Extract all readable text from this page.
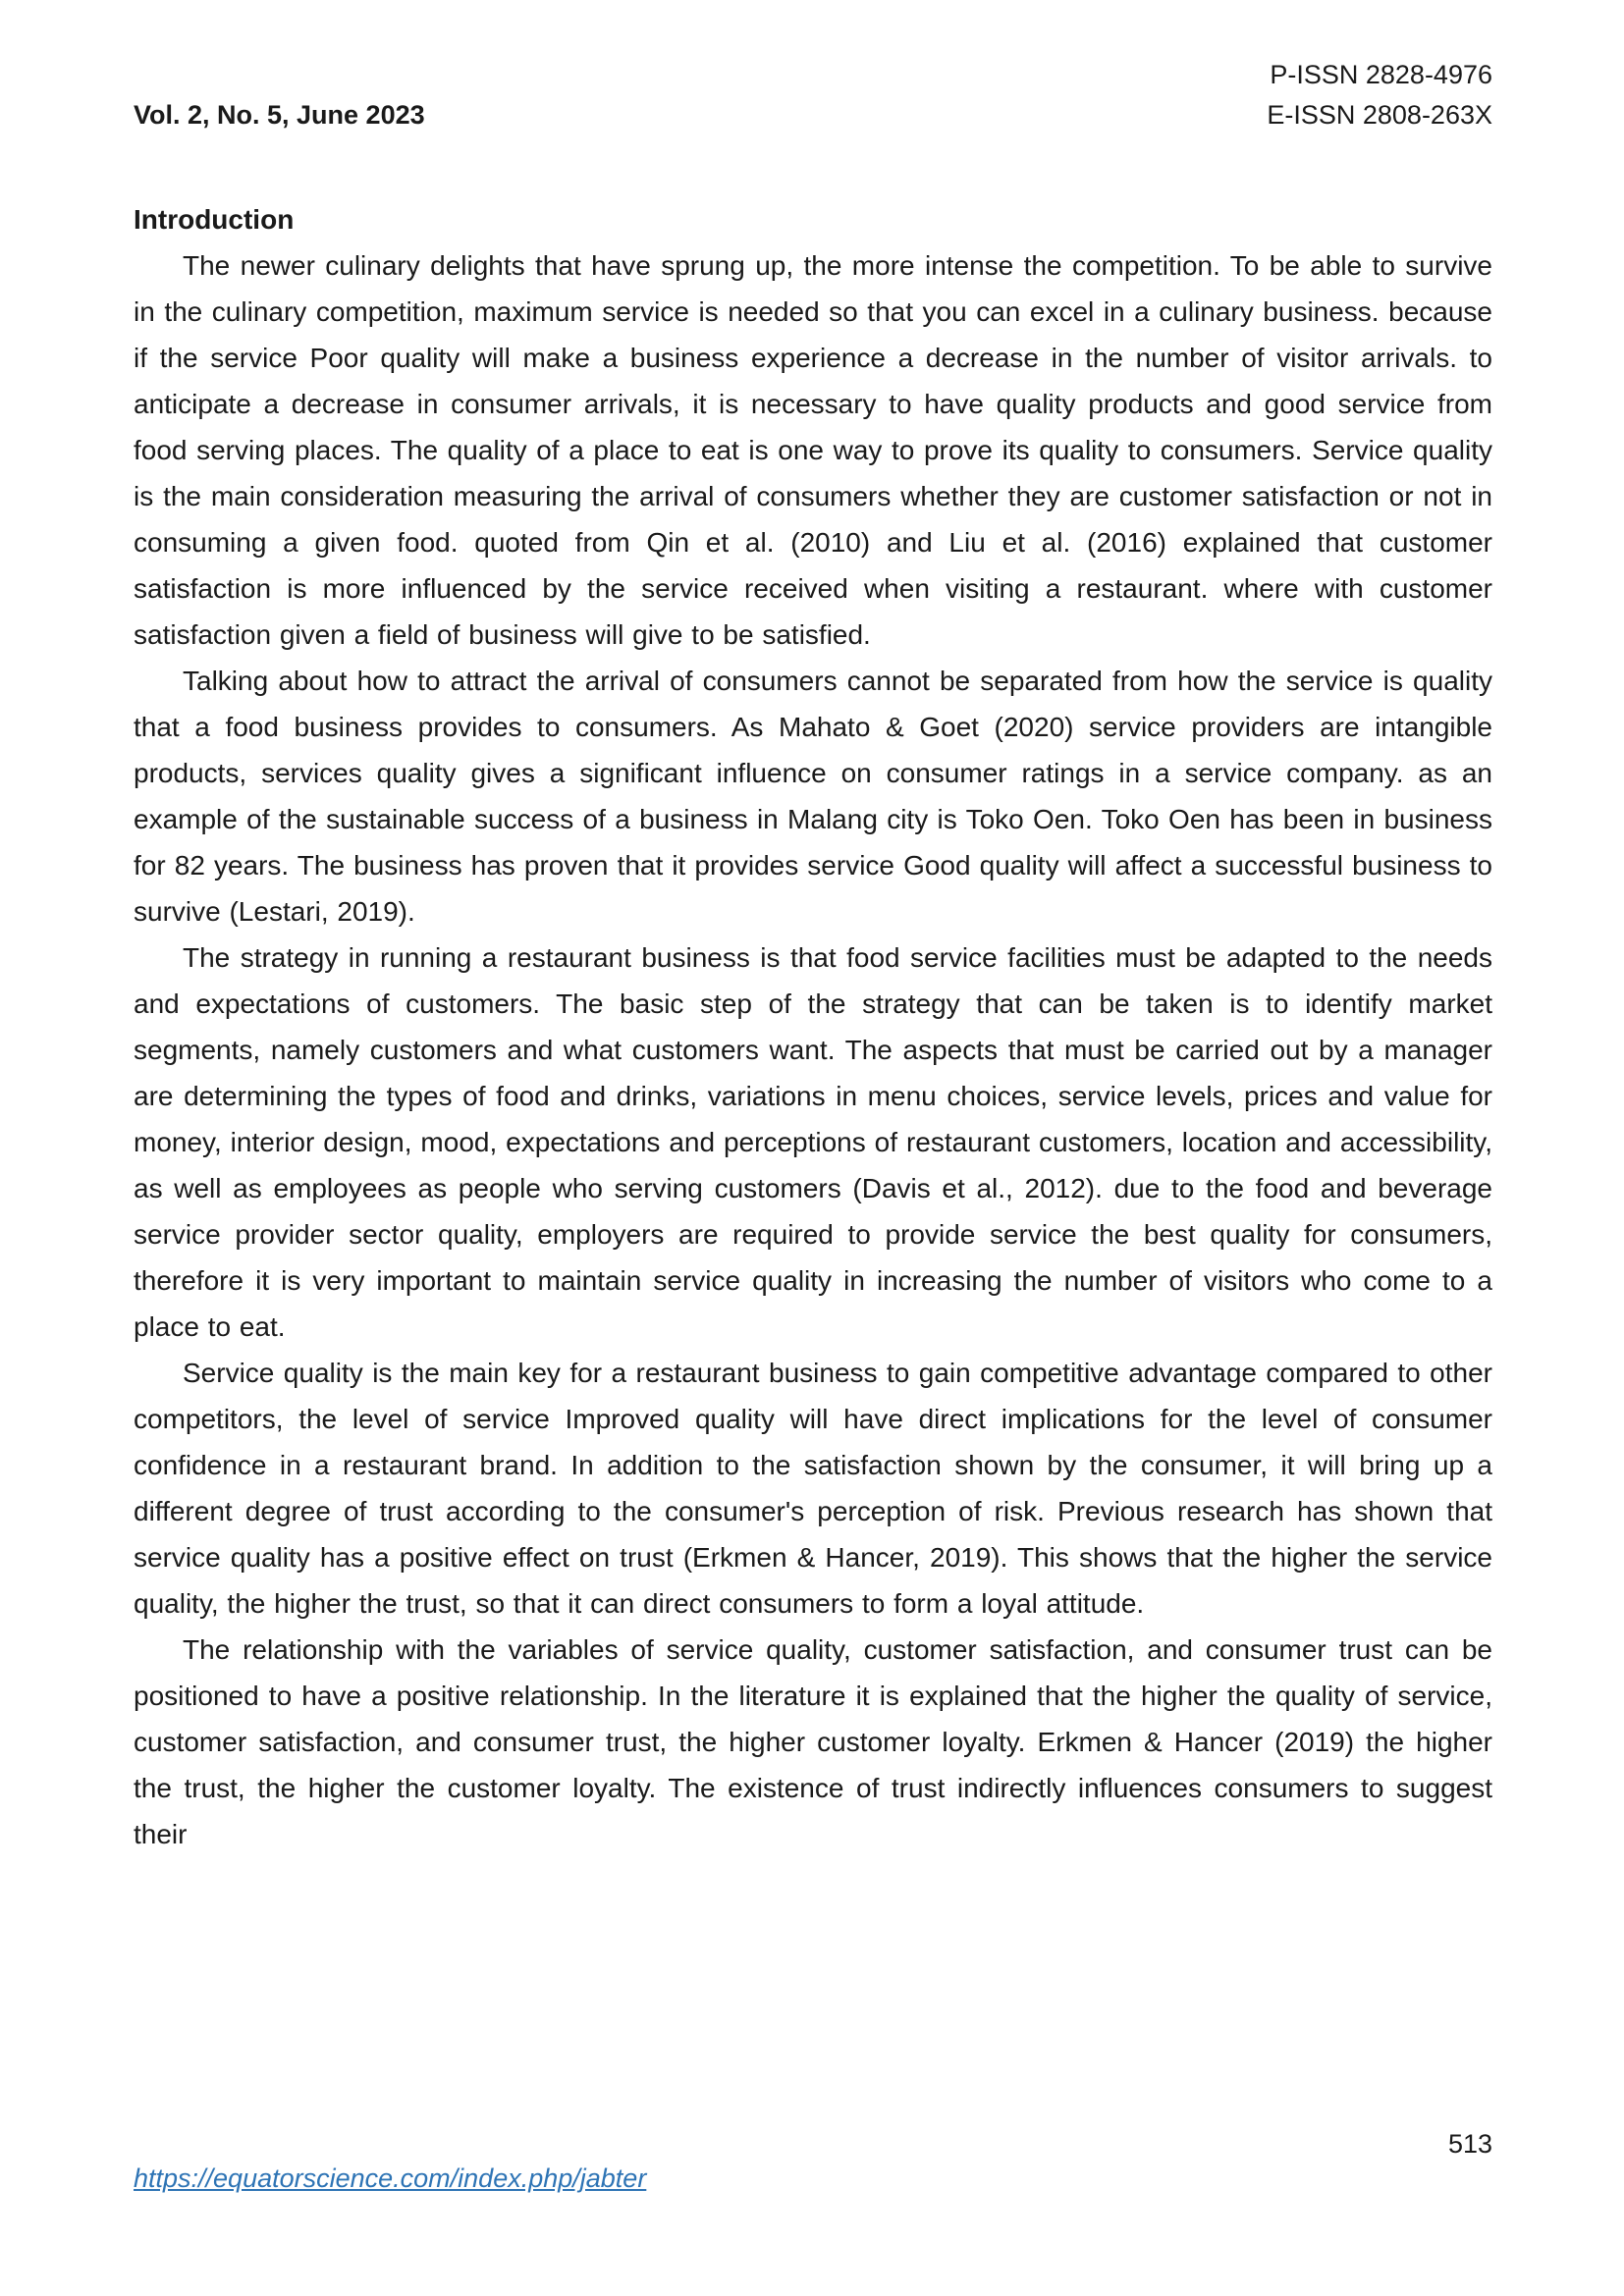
P-ISSN 2828-4976
Vol. 2, No. 5, June 2023	E-ISSN 2808-263X
Introduction

The newer culinary delights that have sprung up, the more intense the competition. To be able to survive in the culinary competition, maximum service is needed so that you can excel in a culinary business. because if the service Poor quality will make a business experience a decrease in the number of visitor arrivals. to anticipate a decrease in consumer arrivals, it is necessary to have quality products and good service from food serving places. The quality of a place to eat is one way to prove its quality to consumers. Service quality is the main consideration measuring the arrival of consumers whether they are customer satisfaction or not in consuming a given food. quoted from Qin et al. (2010) and Liu et al. (2016) explained that customer satisfaction is more influenced by the service received when visiting a restaurant. where with customer satisfaction given a field of business will give to be satisfied.

Talking about how to attract the arrival of consumers cannot be separated from how the service is quality that a food business provides to consumers. As Mahato & Goet (2020) service providers are intangible products, services quality gives a significant influence on consumer ratings in a service company. as an example of the sustainable success of a business in Malang city is Toko Oen. Toko Oen has been in business for 82 years. The business has proven that it provides service Good quality will affect a successful business to survive (Lestari, 2019).

The strategy in running a restaurant business is that food service facilities must be adapted to the needs and expectations of customers. The basic step of the strategy that can be taken is to identify market segments, namely customers and what customers want. The aspects that must be carried out by a manager are determining the types of food and drinks, variations in menu choices, service levels, prices and value for money, interior design, mood, expectations and perceptions of restaurant customers, location and accessibility, as well as employees as people who serving customers (Davis et al., 2012). due to the food and beverage service provider sector quality, employers are required to provide service the best quality for consumers, therefore it is very important to maintain service quality in increasing the number of visitors who come to a place to eat.

Service quality is the main key for a restaurant business to gain competitive advantage compared to other competitors, the level of service Improved quality will have direct implications for the level of consumer confidence in a restaurant brand. In addition to the satisfaction shown by the consumer, it will bring up a different degree of trust according to the consumer's perception of risk. Previous research has shown that service quality has a positive effect on trust (Erkmen & Hancer, 2019). This shows that the higher the service quality, the higher the trust, so that it can direct consumers to form a loyal attitude.

The relationship with the variables of service quality, customer satisfaction, and consumer trust can be positioned to have a positive relationship. In the literature it is explained that the higher the quality of service, customer satisfaction, and consumer trust, the higher customer loyalty. Erkmen & Hancer (2019) the higher the trust, the higher the customer loyalty. The existence of trust indirectly influences consumers to suggest their

513
https://equatorscience.com/index.php/jabter
